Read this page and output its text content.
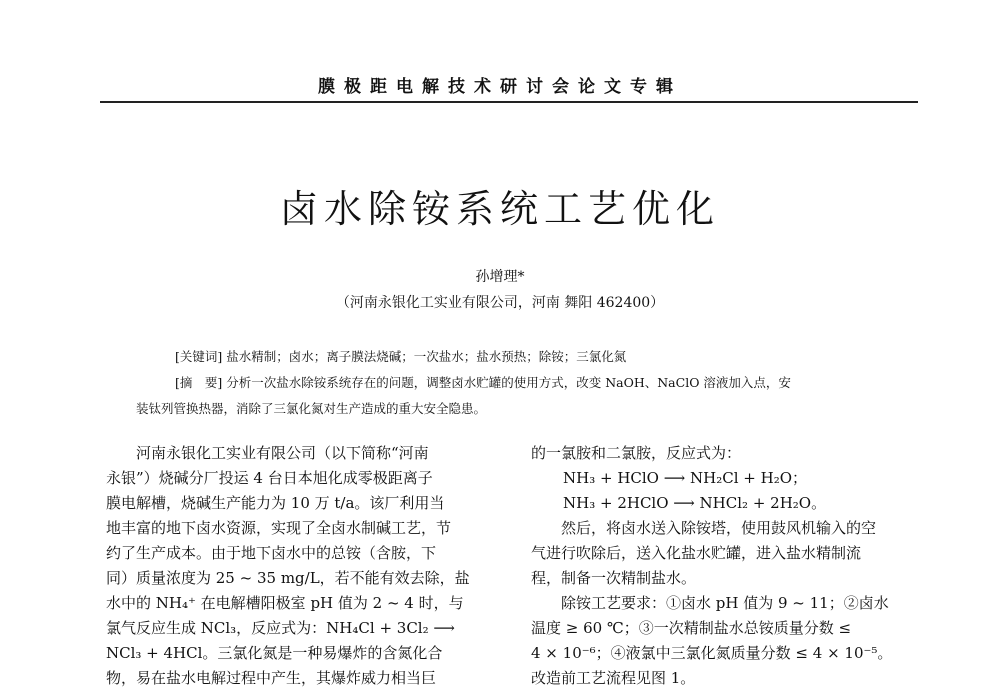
膜极距电解技术研讨会论文专辑
卤水除铵系统工艺优化
孙增理*
（河南永银化工实业有限公司，河南 舞阳 462400）
[关键词] 盐水精制；卤水；离子膜法烧碱；一次盐水；盐水预热；除铵；三氯化氮
[摘　要] 分析一次盐水除铵系统存在的问题，调整卤水贮罐的使用方式，改变 NaOH、NaClO 溶液加入点，安
装钛列管换热器，消除了三氯化氮对生产造成的重大安全隐患。
河南永银化工实业有限公司（以下简称“河南
永银”）烧碱分厂投运 4 台日本旭化成零极距离子
膜电解槽，烧碱生产能力为 10 万 t/a。该厂利用当
地丰富的地下卤水资源，实现了全卤水制碱工艺，节
约了生产成本。由于地下卤水中的总铵（含胺，下
同）质量浓度为 25 ~ 35 mg/L，若不能有效去除，盐
水中的 NH₄⁺ 在电解槽阳极室 pH 值为 2 ~ 4 时，与
氯气反应生成 NCl₃，反应式为：NH₄Cl + 3Cl₂ ⟶
NCl₃ + 4HCl。三氯化氮是一种易爆炸的含氮化合
物，易在盐水电解过程中产生，其爆炸威力相当巨
的一氯胺和二氯胺，反应式为：
NH₃ + HClO ⟶ NH₂Cl + H₂O；
NH₃ + 2HClO ⟶ NHCl₂ + 2H₂O。
然后，将卤水送入除铵塔，使用鼓风机输入的空
气进行吹除后，送入化盐水贮罐，进入盐水精制流
程，制备一次精制盐水。
除铵工艺要求：①卤水 pH 值为 9 ~ 11；②卤水
温度 ≥ 60 ℃；③一次精制盐水总铵质量分数 ≤
4 × 10⁻⁶；④液氯中三氯化氮质量分数 ≤ 4 × 10⁻⁵。
改造前工艺流程见图 1。
